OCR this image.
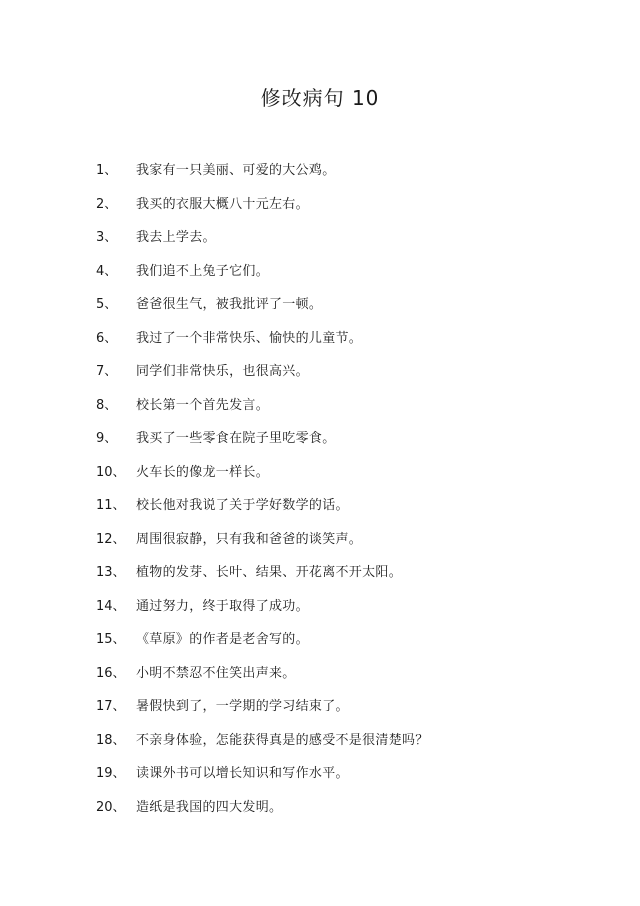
修改病句 10
1、	我家有一只美丽、可爱的大公鸡。
2、	我买的衣服大概八十元左右。
3、	我去上学去。
4、	我们追不上兔子它们。
5、	爸爸很生气，被我批评了一顿。
6、	我过了一个非常快乐、愉快的儿童节。
7、	同学们非常快乐，也很高兴。
8、	校长第一个首先发言。
9、	我买了一些零食在院子里吃零食。
10、 火车长的像龙一样长。
11、 校长他对我说了关于学好数学的话。
12、 周围很寂静，只有我和爸爸的谈笑声。
13、 植物的发芽、长叶、结果、开花离不开太阳。
14、 通过努力，终于取得了成功。
15、 《草原》的作者是老舍写的。
16、 小明不禁忍不住笑出声来。
17、 暑假快到了，一学期的学习结束了。
18、 不亲身体验，怎能获得真是的感受不是很清楚吗？
19、 读课外书可以增长知识和写作水平。
20、 造纸是我国的四大发明。
